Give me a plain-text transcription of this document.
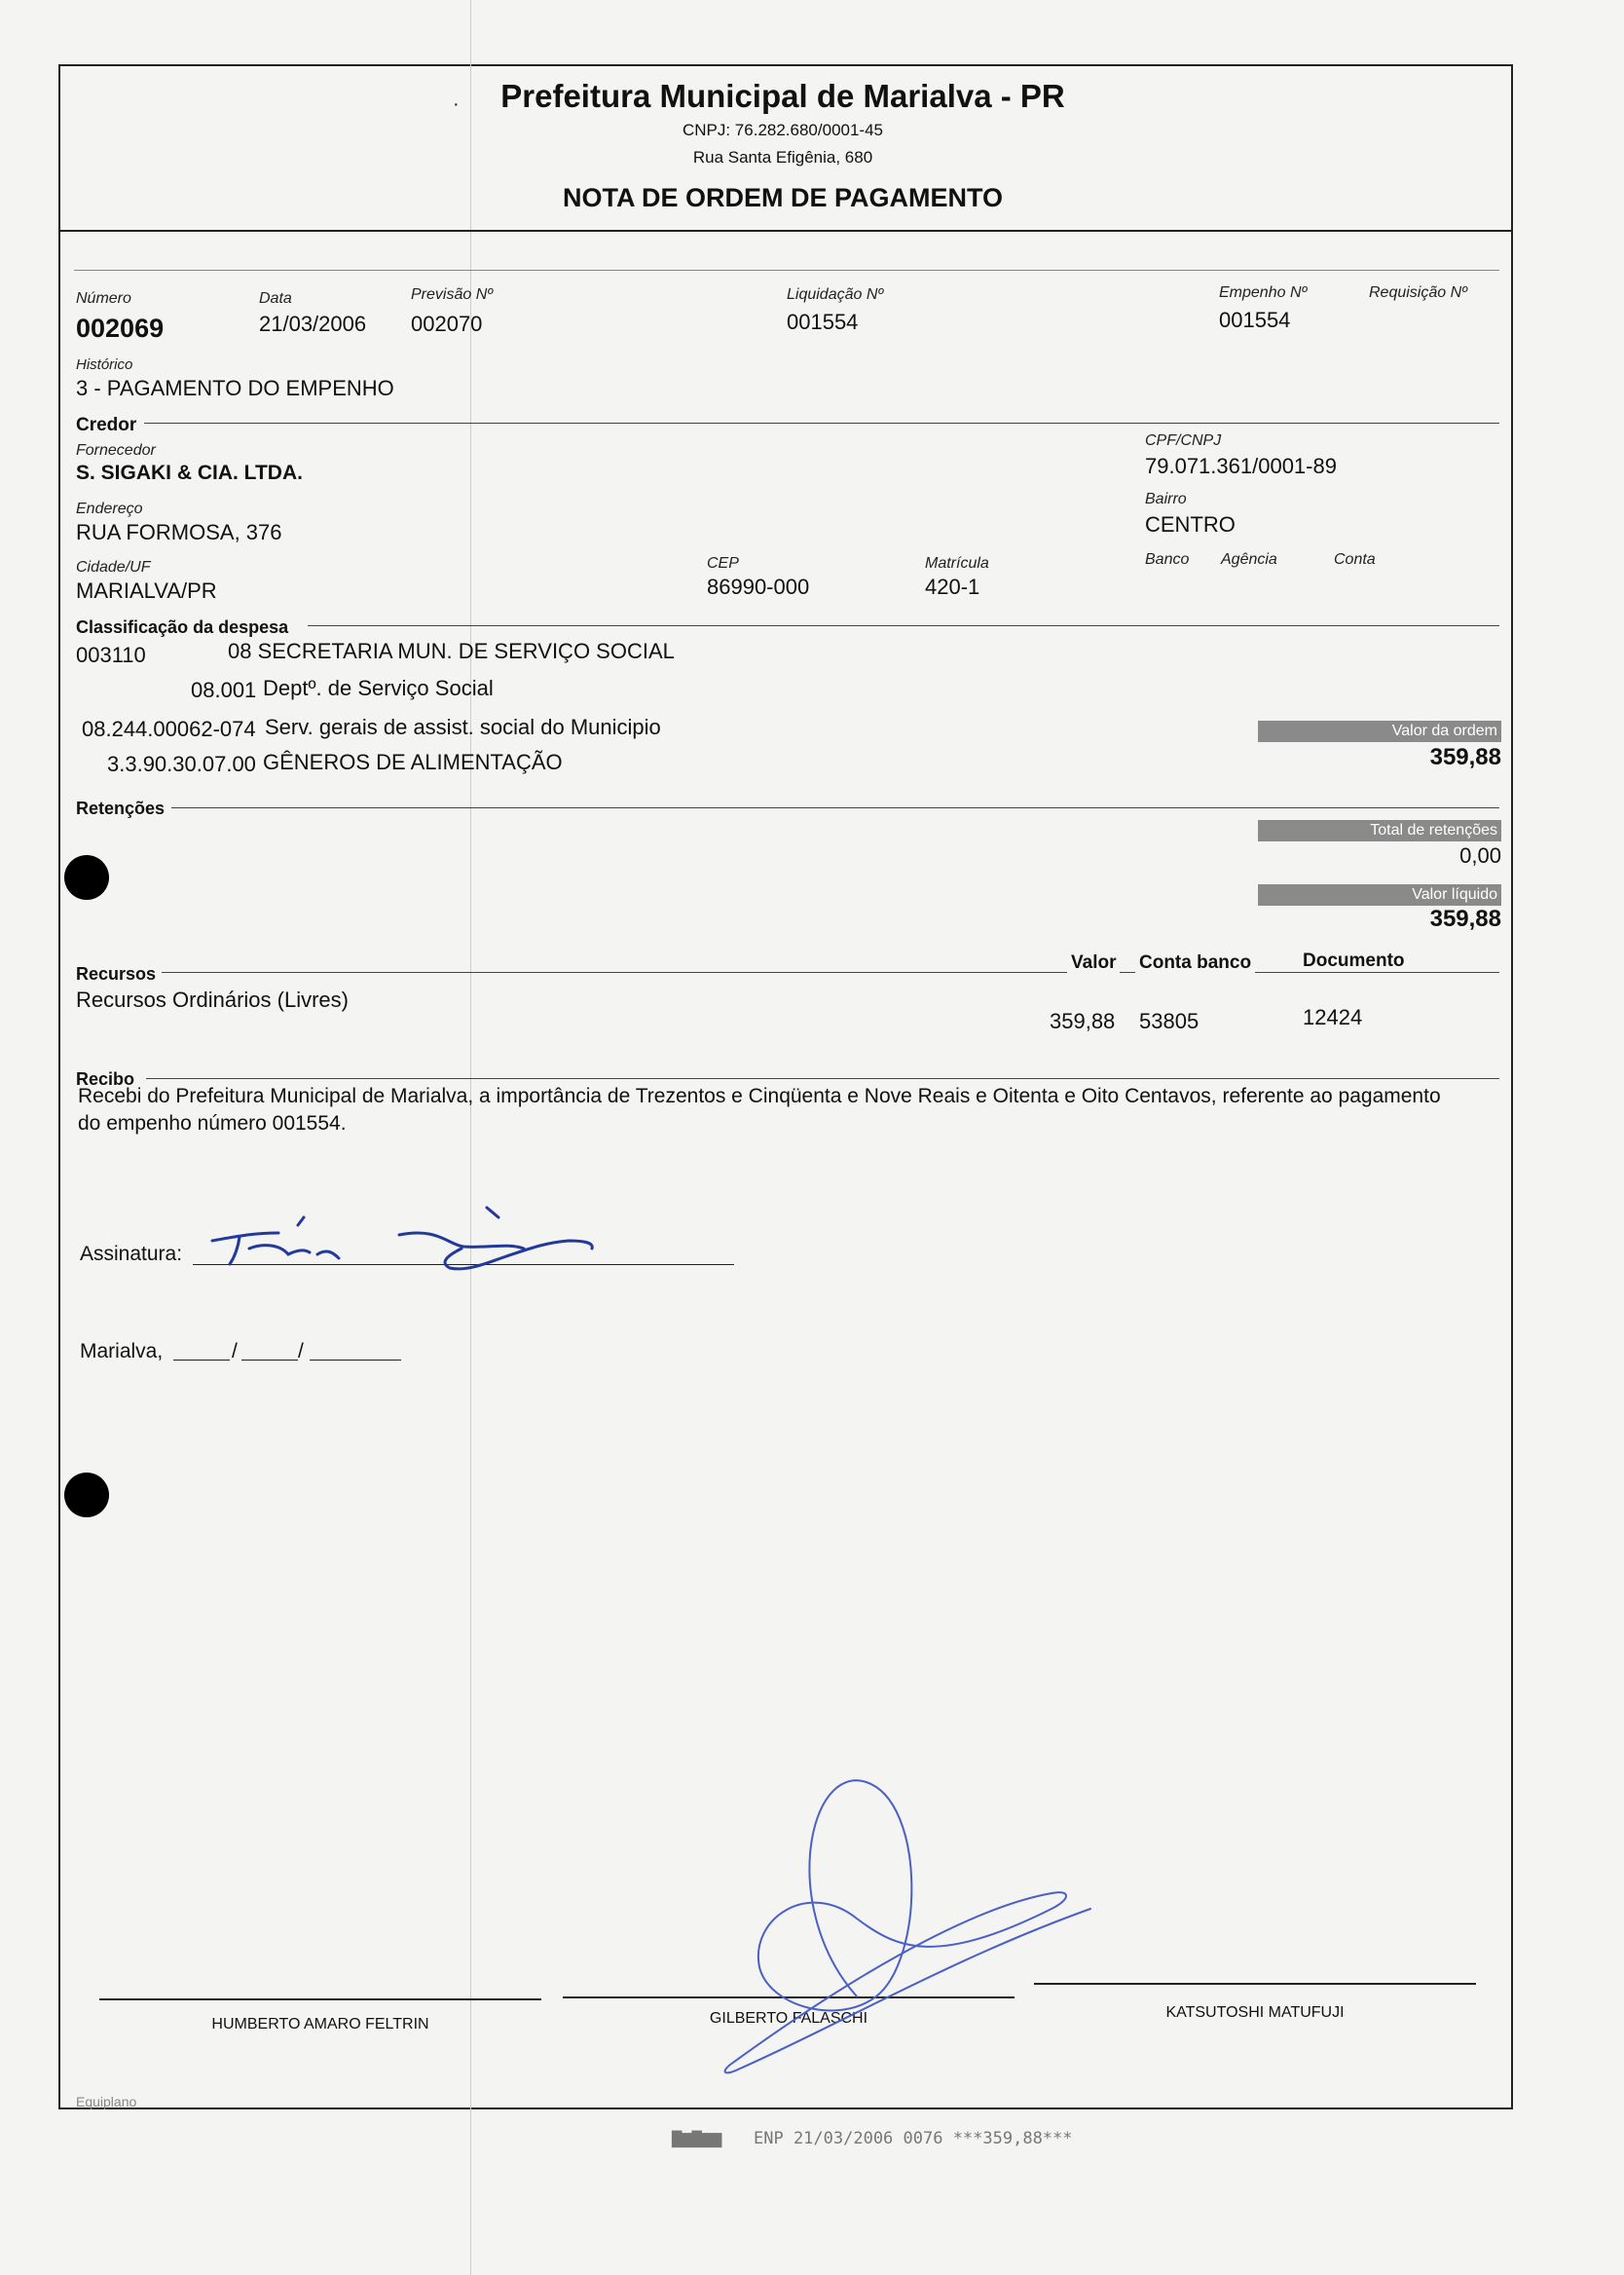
·	Prefeitura Municipal de Marialva - PR
CNPJ: 76.282.680/0001-45
Rua Santa Efigênia, 680
NOTA DE ORDEM DE PAGAMENTO
Número
002069
Data
21/03/2006
Previsão Nº
002070
Liquidação Nº
001554
Empenho Nº
001554
Requisição Nº
Histórico
3 - PAGAMENTO DO EMPENHO
Credor
Fornecedor
S. SIGAKI & CIA. LTDA.
CPF/CNPJ
79.071.361/0001-89
Endereço
RUA FORMOSA, 376
Bairro
CENTRO
Cidade/UF
MARIALVA/PR
CEP
86990-000
Matrícula
420-1
Banco Agência	Conta
Classificação da despesa
003110	08 SECRETARIA MUN. DE SERVIÇO SOCIAL
08.001 Deptº. de Serviço Social
08.244.00062-074 Serv. gerais de assist. social do Municipio
3.3.90.30.07.00 GÊNEROS DE ALIMENTAÇÃO
Valor da ordem
359,88
Retenções
Total de retenções
0,00
Valor líquido
359,88
Recursos
Valor Conta banco	Documento
Recursos Ordinários (Livres)
359,88 53805	12424
Recibo
Recebi do Prefeitura Municipal de Marialva, a importância de Trezentos e Cinqüenta e Nove Reais e Oitenta e Oito Centavos, referente ao pagamento do empenho número 001554.
Assinatura:
Marialva,	/	/
HUMBERTO AMARO FELTRIN	GILBERTO FALASCHI	KATSUTOSHI MATUFUJI
Equiplano
▇▆▇▆▆ ENP 21/03/2006 0076 ***359,88***
